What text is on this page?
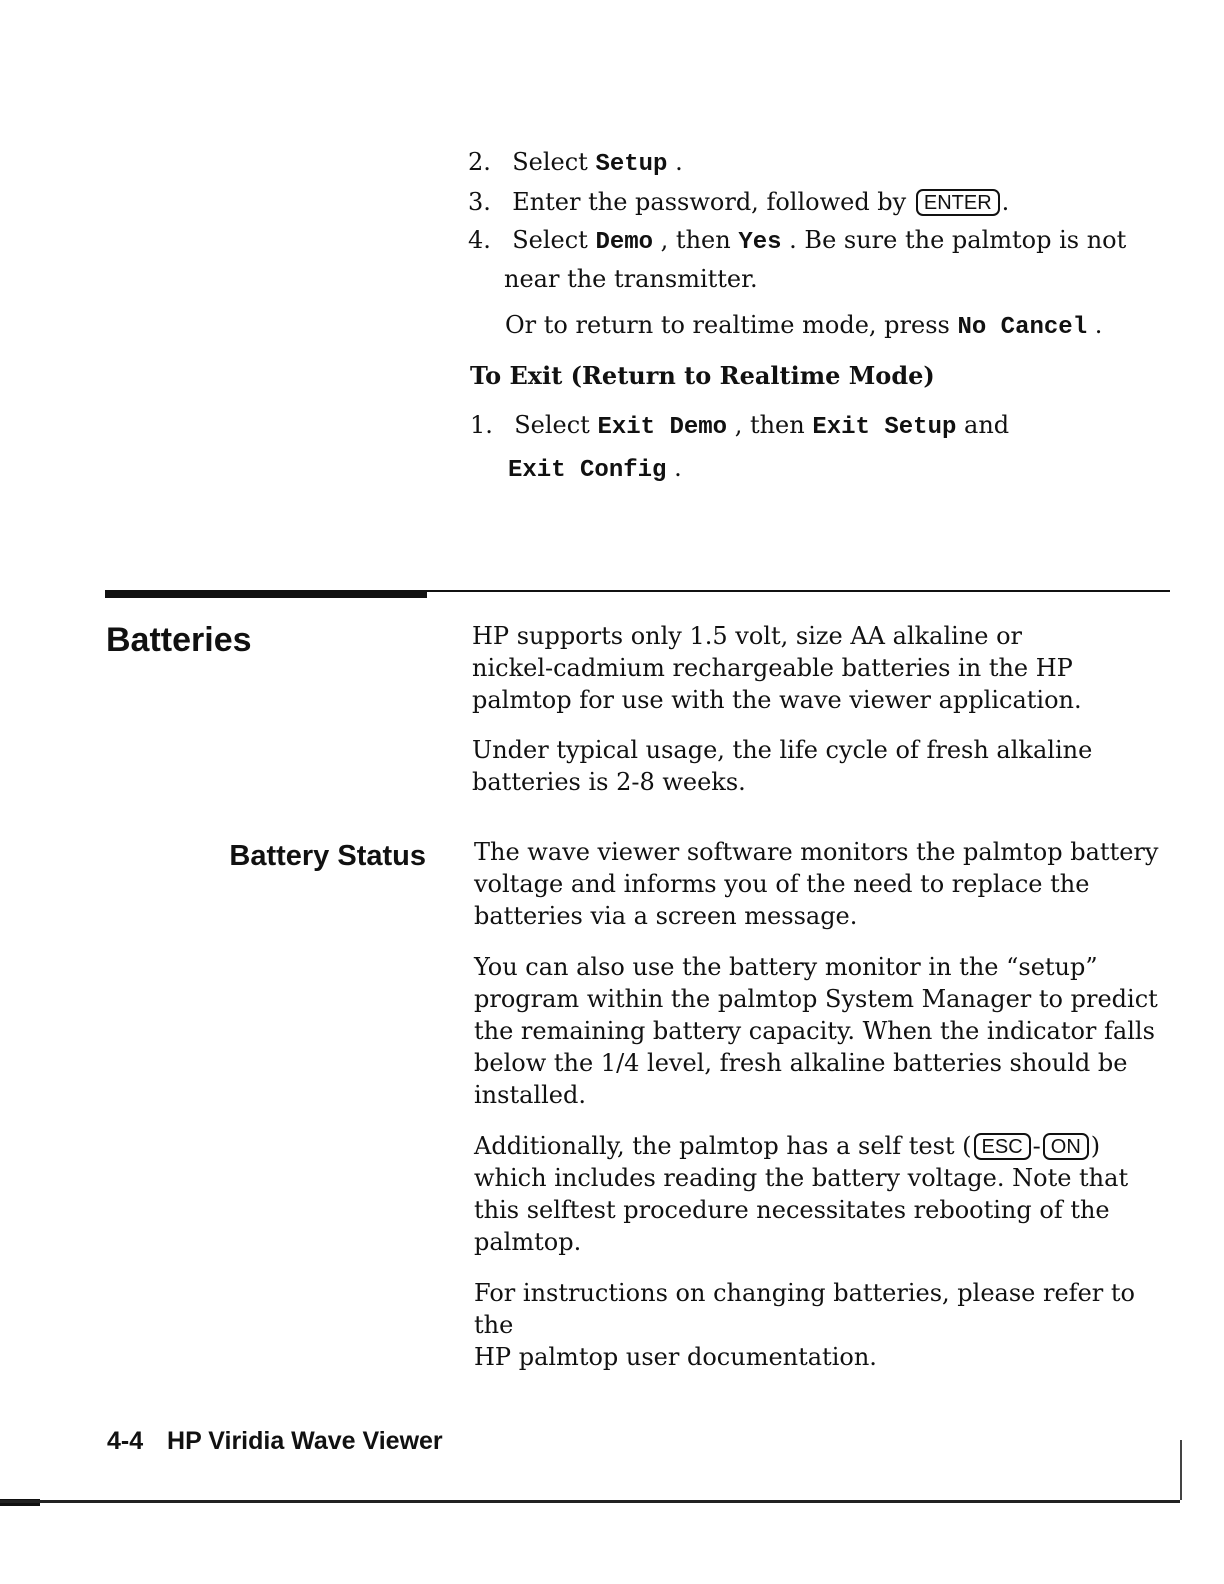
2. Select Setup .
3. Enter the password, followed by ENTER .
4. Select Demo , then Yes . Be sure the palmtop is not
near the transmitter.
Or to return to realtime mode, press No Cancel .
To Exit (Return to Realtime Mode)
1. Select Exit Demo , then Exit Setup and
Exit Config .
Batteries	HP supports only 1.5 volt, size AA alkaline or
nickel-cadmium rechargeable batteries in the HP
palmtop for use with the wave viewer application.

Under typical usage, the life cycle of fresh alkaline
batteries is 2-8 weeks.

Battery Status The wave viewer software monitors the palmtop battery
voltage and informs you of the need to replace the
batteries via a screen message.

You can also use the battery monitor in the “setup”
program within the palmtop System Manager to predict
the remaining battery capacity. When the indicator falls
below the 1/4 level, fresh alkaline batteries should be
installed.

Additionally, the palmtop has a self test ( ESC - ON )
which includes reading the battery voltage. Note that
this selftest procedure necessitates rebooting of the
palmtop.

For instructions on changing batteries, please refer to the
HP palmtop user documentation.

4-4 HP Viridia Wave Viewer
